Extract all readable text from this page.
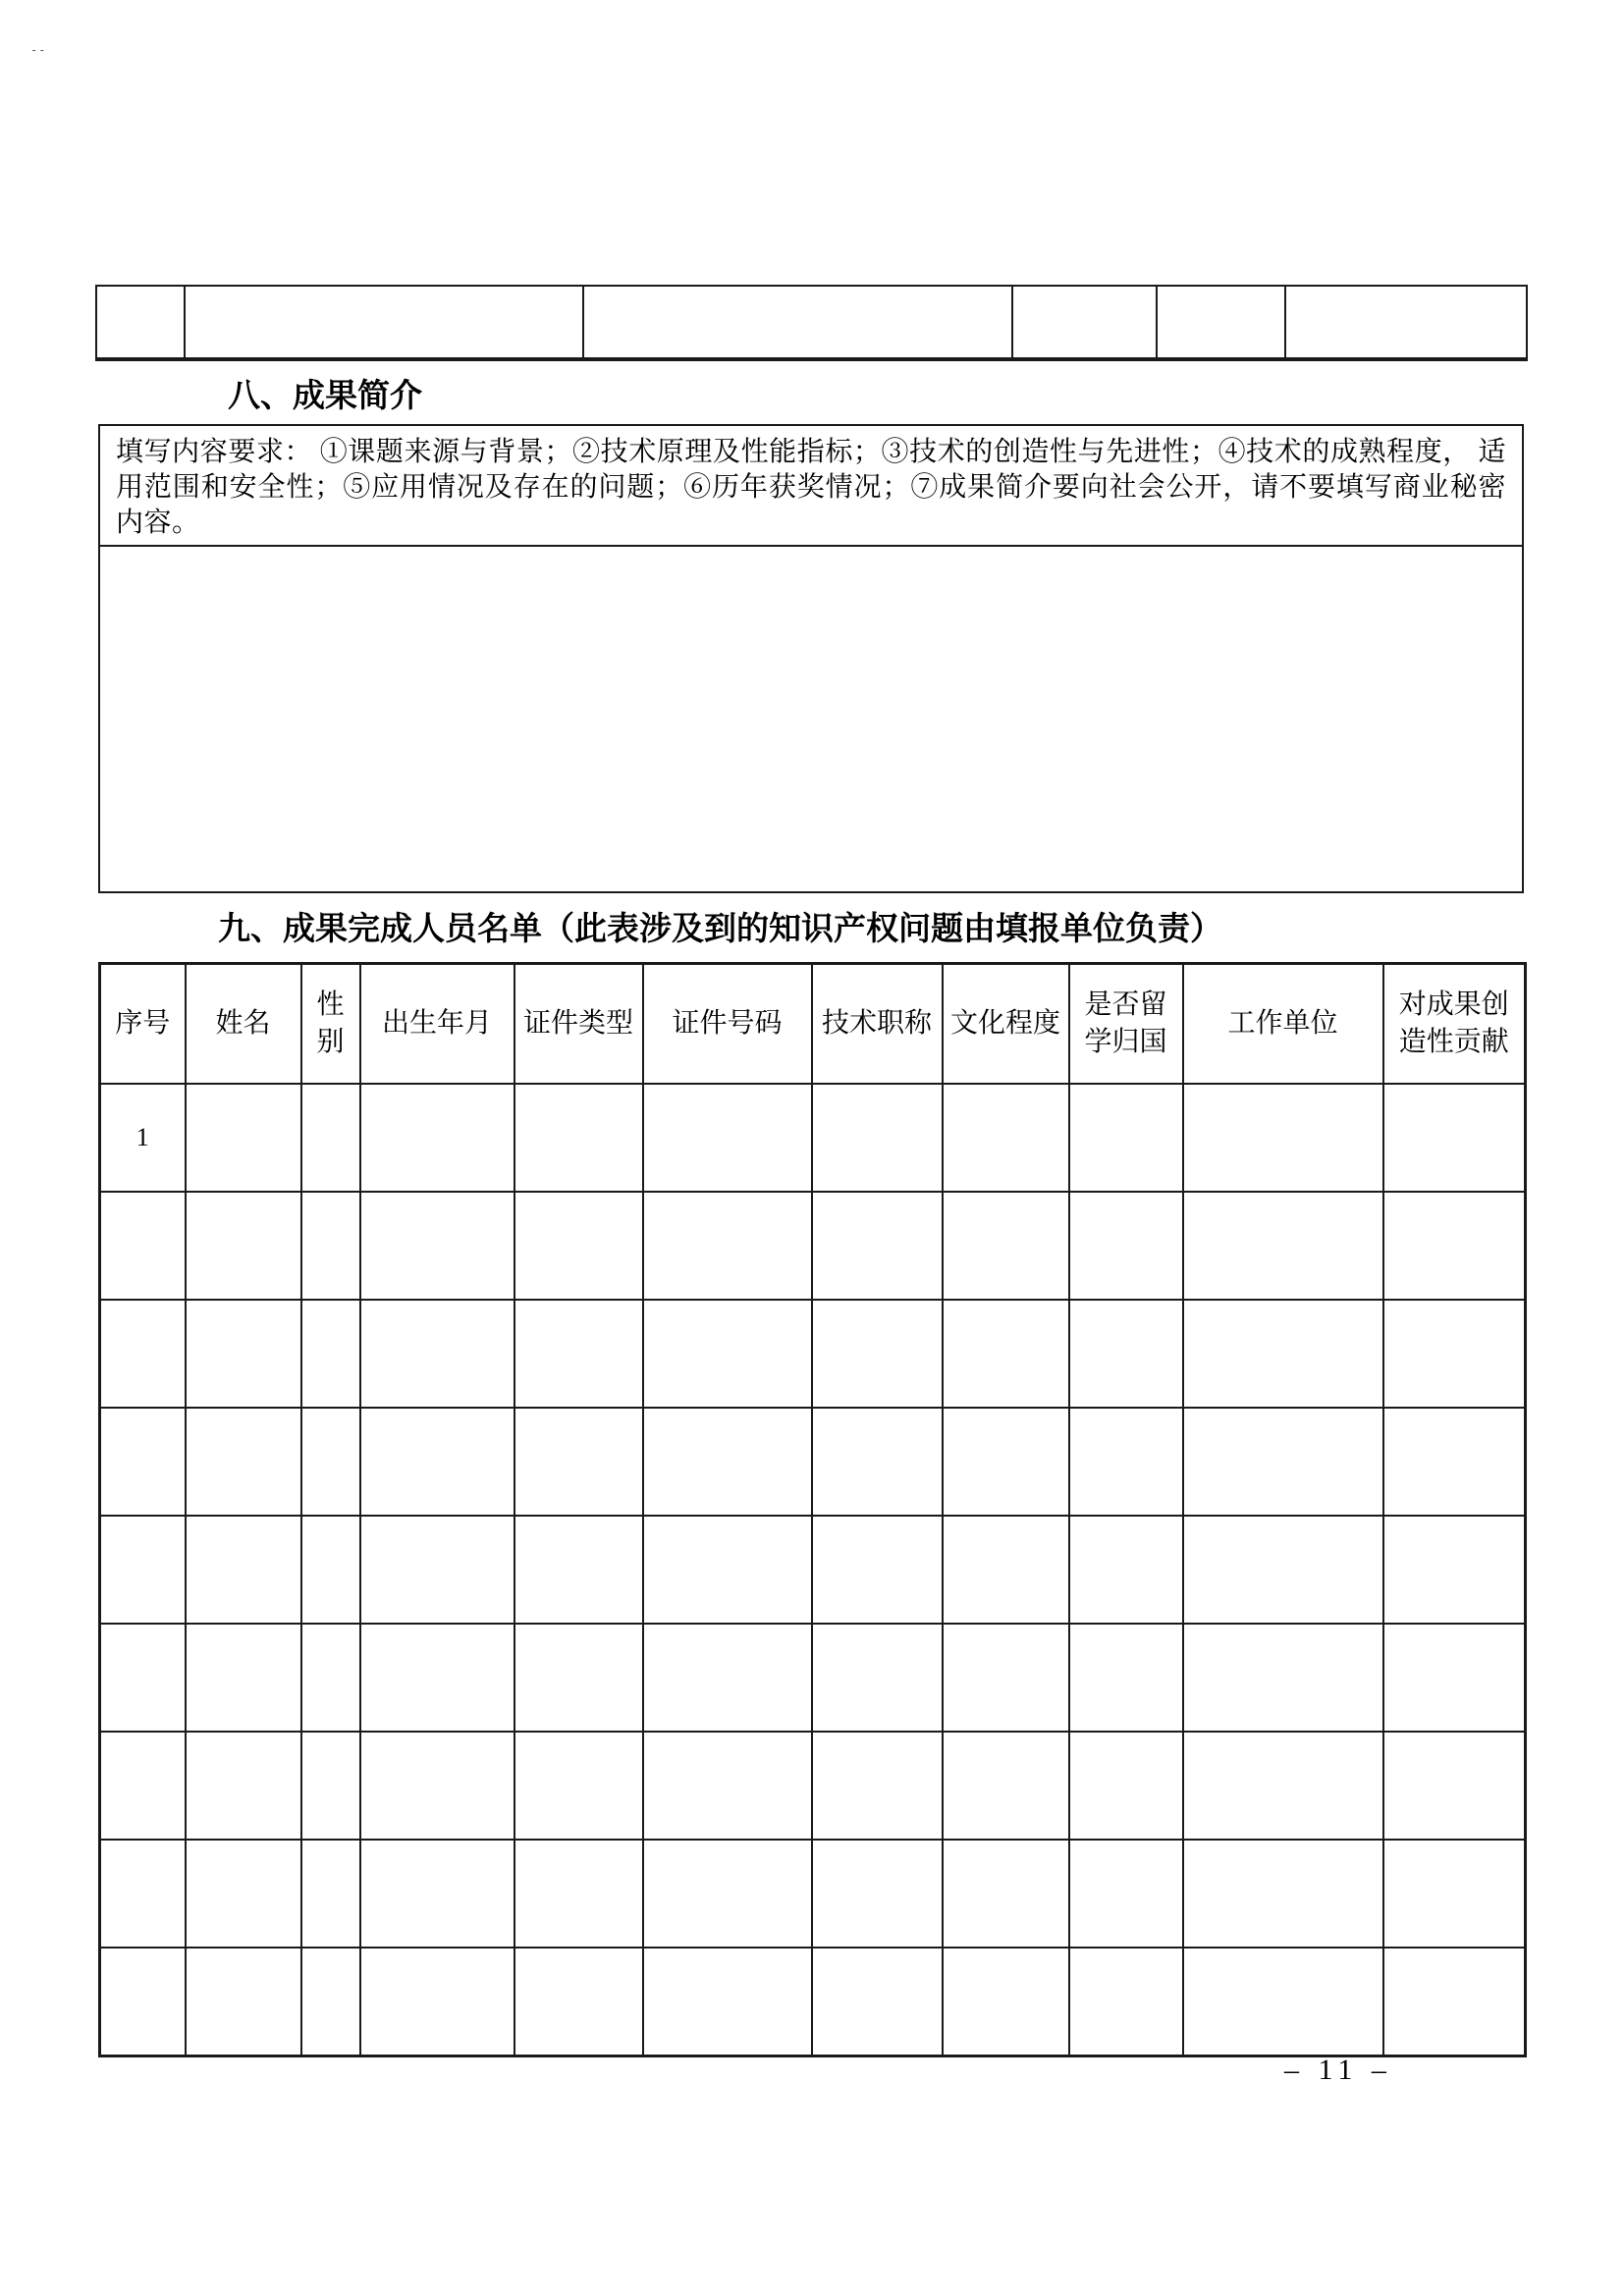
--

八、成果简介
填写内容要求： ①课题来源与背景；②技术原理及性能指标；③技术的创造性与先进性；④技术的成熟程度， 适用范围和安全性；⑤应用情况及存在的问题；⑥历年获奖情况；⑦成果简介要向社会公开，请不要填写商业秘密内容。
九、成果完成人员名单（此表涉及到的知识产权问题由填报单位负责）
序号	姓名	性别	出生年月	证件类型	证件号码	技术职称	文化程度	是否留学归国	工作单位	对成果创造性贡献
1										

– 11 –
